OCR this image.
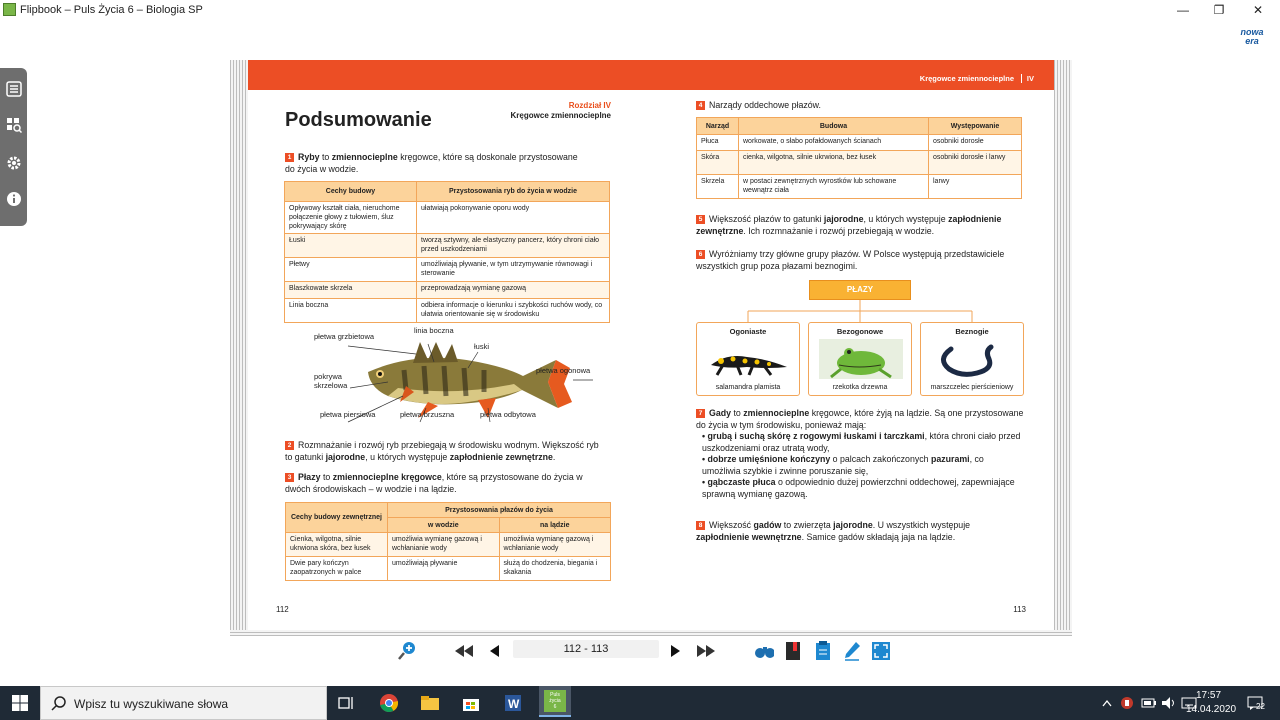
Flipbook – Puls Życia 6 – Biologia SP	— ❐ ✕
nowa
era
Podsumowanie
Rozdział IV
Kręgowce zmiennocieplne
1 Ryby to zmiennocieplne kręgowce, które są doskonale przystosowane do życia w wodzie.
Cechy budowy	Przystosowania ryb do życia w wodzie
Opływowy kształt ciała, nieruchome połączenie głowy z tułowiem, śluz pokrywający skórę	ułatwiają pokonywanie oporu wody
Łuski	tworzą sztywny, ale elastyczny pancerz, który chroni ciało przed uszkodzeniami
Płetwy	umożliwiają pływanie, w tym utrzymywanie równowagi i sterowanie
Blaszkowate skrzela	przeprowadzają wymianę gazową
Linia boczna	odbiera informacje o kierunku i szybkości ruchów wody, co ułatwia orientowanie się w środowisku
płetwa grzbietowa
linia boczna
łuski
płetwa ogonowa
pokrywa
skrzelowa
płetwa piersiowa	płetwa brzuszna	płetwa odbytowa
2 Rozmnażanie i rozwój ryb przebiegają w środowisku wodnym. Większość ryb to gatunki jajorodne, u których występuje zapłodnienie zewnętrzne.
3 Płazy to zmiennocieplne kręgowce, które są przystosowane do życia w dwóch środowiskach – w wodzie i na lądzie.
Cechy budowy zewnętrznej	Przystosowania płazów do życia	
	w wodzie	na lądzie
Cienka, wilgotna, silnie ukrwiona skóra, bez łusek	umożliwia wymianę gazową i wchłanianie wody	umożliwia wymianę gazową i wchłanianie wody
Dwie pary kończyn zaopatrzonych w palce	umożliwiają pływanie	służą do chodzenia, biegania i skakania
112
Kręgowce zmiennocieplne	IV
4 Narządy oddechowe płazów.
Narząd	Budowa	Występowanie
Płuca	workowate, o słabo pofałdowanych ścianach	osobniki dorosłe
Skóra	cienka, wilgotna, silnie ukrwiona, bez łusek	osobniki dorosłe i larwy
Skrzela	w postaci zewnętrznych wyrostków lub schowane wewnątrz ciała	larwy
5 Większość płazów to gatunki jajorodne, u których występuje zapłodnienie zewnętrzne. Ich rozmnażanie i rozwój przebiegają w wodzie.
6 Wyróżniamy trzy główne grupy płazów. W Polsce występują przedstawiciele wszystkich grup poza płazami beznogimi.
PŁAZY
Ogoniaste
salamandra plamista
Bezogonowe
rzekotka drzewna
Beznogie
marszczelec pierścieniowy
7 Gady to zmiennocieplne kręgowce, które żyją na lądzie. Są one przystosowane do życia w tym środowisku, ponieważ mają:
• grubą i suchą skórę z rogowymi łuskami i tarczkami, która chroni ciało przed uszkodzeniami oraz utratą wody,
• dobrze umięśnione kończyny o palcach zakończonych pazurami, co umożliwia szybkie i zwinne poruszanie się,
• gąbczaste płuca o odpowiednio dużej powierzchni oddechowej, zapewniające sprawną wymianę gazową.
8 Większość gadów to zwierzęta jajorodne. U wszystkich występuje zapłodnienie wewnętrzne. Samice gadów składają jaja na lądzie.
113
112 - 113
Wpisz tu wyszukiwane słowa	W
Puls
życia
6
17:57
14.04.2020 22
